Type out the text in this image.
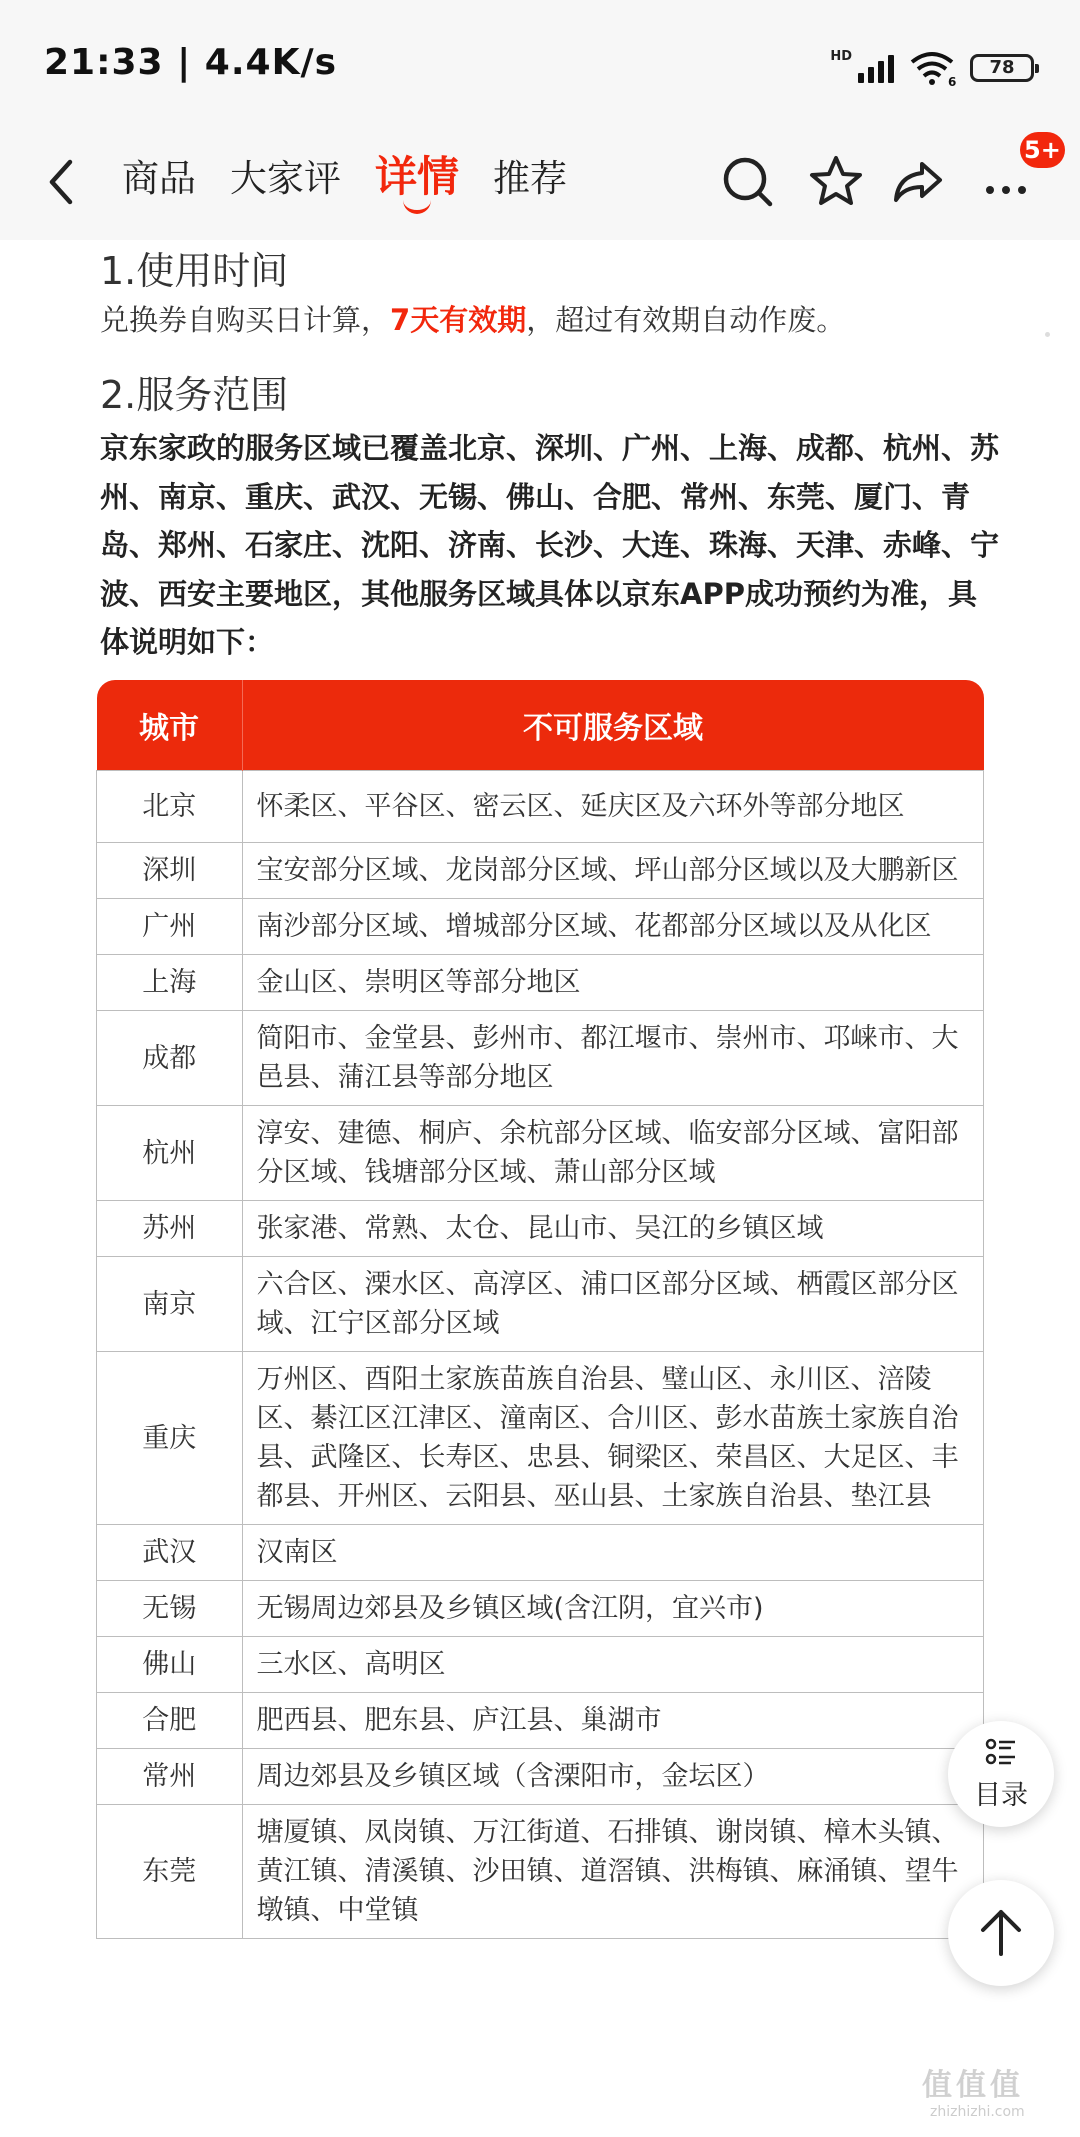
21:33 | 4.4K/s	HD
6
78
商品 大家评 详情 推荐
5+
1.使用时间
兑换券自购买日计算，7天有效期，超过有效期自动作废。
2.服务范围
京东家政的服务区域已覆盖北京、深圳、广州、上海、成都、杭州、苏州、南京、重庆、武汉、无锡、佛山、合肥、常州、东莞、厦门、青岛、郑州、石家庄、沈阳、济南、长沙、大连、珠海、天津、赤峰、宁波、西安主要地区，其他服务区域具体以京东APP成功预约为准，具体说明如下：
城市	不可服务区域
北京	怀柔区、平谷区、密云区、延庆区及六环外等部分地区
深圳	宝安部分区域、龙岗部分区域、坪山部分区域以及大鹏新区
广州	南沙部分区域、增城部分区域、花都部分区域以及从化区
上海	金山区、崇明区等部分地区
成都	简阳市、金堂县、彭州市、都江堰市、崇州市、邛崃市、大邑县、蒲江县等部分地区
杭州	淳安、建德、桐庐、余杭部分区域、临安部分区域、富阳部分区域、钱塘部分区域、萧山部分区域
苏州	张家港、常熟、太仓、昆山市、吴江的乡镇区域
南京	六合区、溧水区、高淳区、浦口区部分区域、栖霞区部分区域、江宁区部分区域
重庆	万州区、酉阳土家族苗族自治县、璧山区、永川区、涪陵区、綦江区江津区、潼南区、合川区、彭水苗族土家族自治县、武隆区、长寿区、忠县、铜梁区、荣昌区、大足区、丰都县、开州区、云阳县、巫山县、土家族自治县、垫江县
武汉	汉南区
无锡	无锡周边郊县及乡镇区域(含江阴，宜兴市)
佛山	三水区、高明区
合肥	肥西县、肥东县、庐江县、巢湖市
常州	周边郊县及乡镇区域（含溧阳市，金坛区）
东莞	塘厦镇、凤岗镇、万江街道、石排镇、谢岗镇、樟木头镇、黄江镇、清溪镇、沙田镇、道滘镇、洪梅镇、麻涌镇、望牛墩镇、中堂镇
目录
值值值
zhizhizhi.com
